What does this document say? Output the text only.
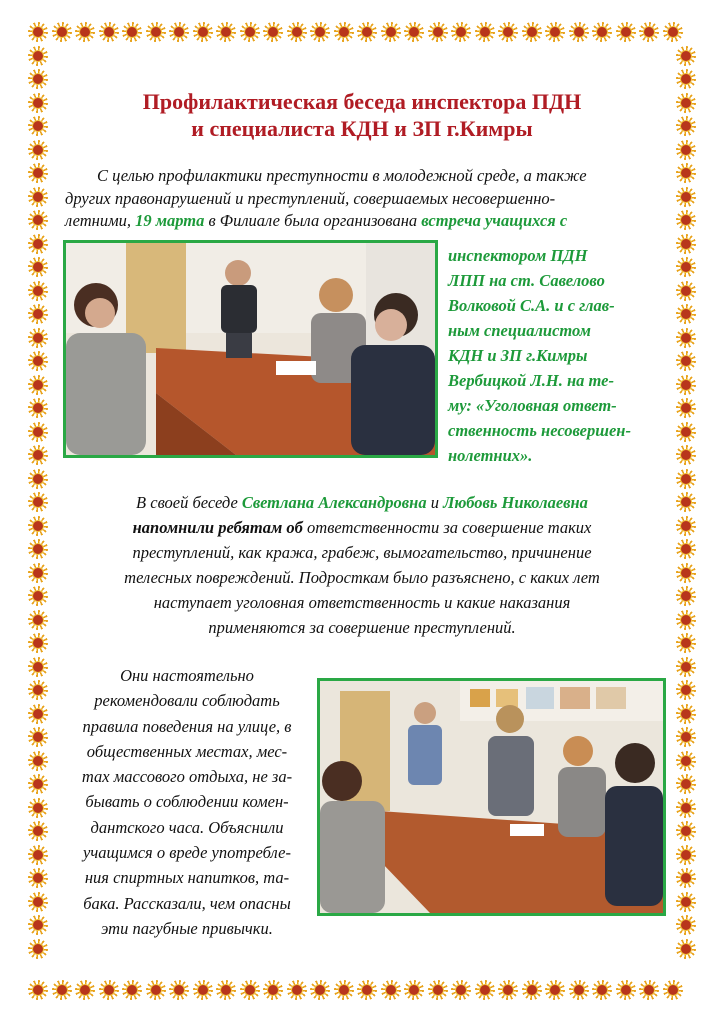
Профилактическая беседа инспектора ПДН
и специалиста КДН и ЗП г.Кимры
С целью профилактики преступности в молодежной среде, а также
других правонарушений и преступлений, совершаемых несовершенно-
летними, 19 марта в Филиале была организована встреча учащихся с
инспектором ПДН
ЛПП на ст. Савелово
Волковой С.А. и с глав-
ным специалистом
КДН и ЗП г.Кимры
Вербицкой Л.Н. на те-
му: «Уголовная ответ-
ственность несовершен-
нолетних».
В своей беседе Светлана Александровна и Любовь Николаевна
напомнили ребятам об ответственности за совершение таких
преступлений, как кража, грабеж, вымогательство, причинение
телесных повреждений. Подросткам было разъяснено, с каких лет
наступает уголовная ответственность и какие наказания
применяются за совершение преступлений.
Они настоятельно
рекомендовали соблюдать
правила поведения на улице, в
общественных местах, мес-
тах массового отдыха, не за-
бывать о соблюдении комен-
дантского часа. Объяснили
учащимся о вреде употребле-
ния спиртных напитков, та-
бака. Рассказали, чем опасны
эти пагубные привычки.
